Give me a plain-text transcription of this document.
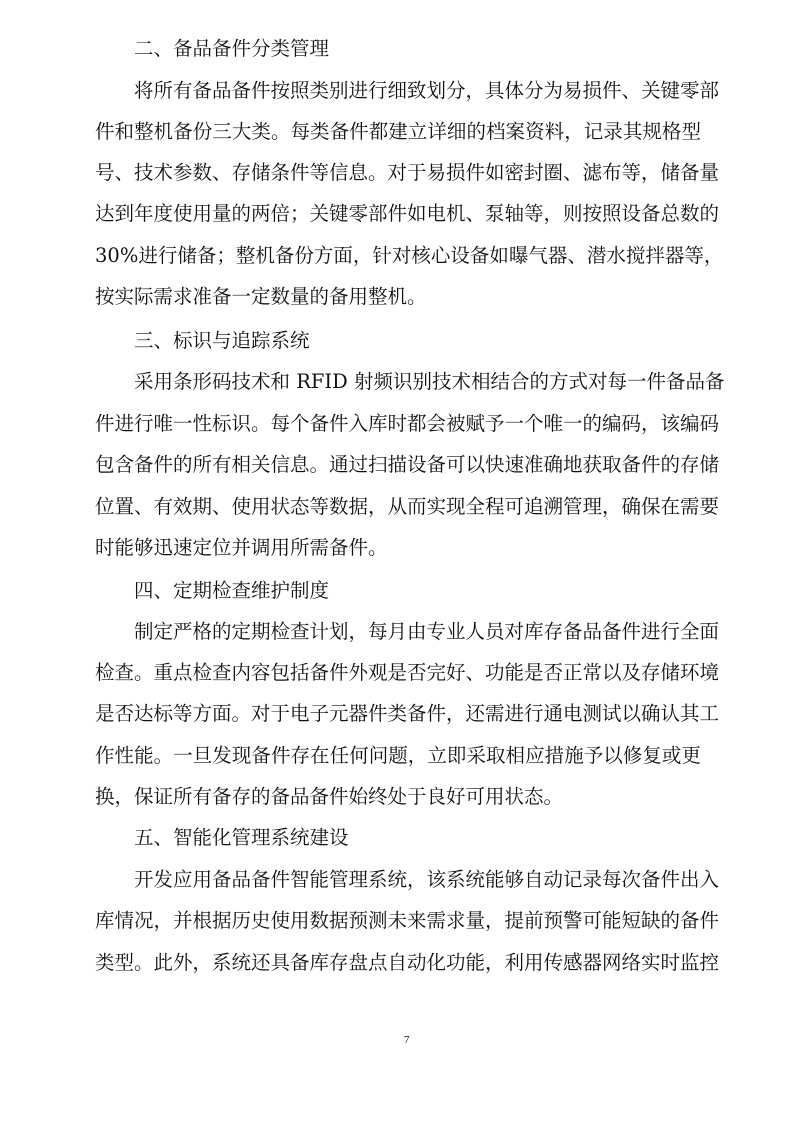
二、备品备件分类管理
将所有备品备件按照类别进行细致划分，具体分为易损件、关键零部
件和整机备份三大类。每类备件都建立详细的档案资料，记录其规格型
号、技术参数、存储条件等信息。对于易损件如密封圈、滤布等，储备量
达到年度使用量的两倍；关键零部件如电机、泵轴等，则按照设备总数的
30%进行储备；整机备份方面，针对核心设备如曝气器、潜水搅拌器等，
按实际需求准备一定数量的备用整机。
三、标识与追踪系统
采用条形码技术和 RFID 射频识别技术相结合的方式对每一件备品备
件进行唯一性标识。每个备件入库时都会被赋予一个唯一的编码，该编码
包含备件的所有相关信息。通过扫描设备可以快速准确地获取备件的存储
位置、有效期、使用状态等数据，从而实现全程可追溯管理，确保在需要
时能够迅速定位并调用所需备件。
四、定期检查维护制度
制定严格的定期检查计划，每月由专业人员对库存备品备件进行全面
检查。重点检查内容包括备件外观是否完好、功能是否正常以及存储环境
是否达标等方面。对于电子元器件类备件，还需进行通电测试以确认其工
作性能。一旦发现备件存在任何问题，立即采取相应措施予以修复或更
换，保证所有备存的备品备件始终处于良好可用状态。
五、智能化管理系统建设
开发应用备品备件智能管理系统，该系统能够自动记录每次备件出入
库情况，并根据历史使用数据预测未来需求量，提前预警可能短缺的备件
类型。此外，系统还具备库存盘点自动化功能，利用传感器网络实时监控
7
